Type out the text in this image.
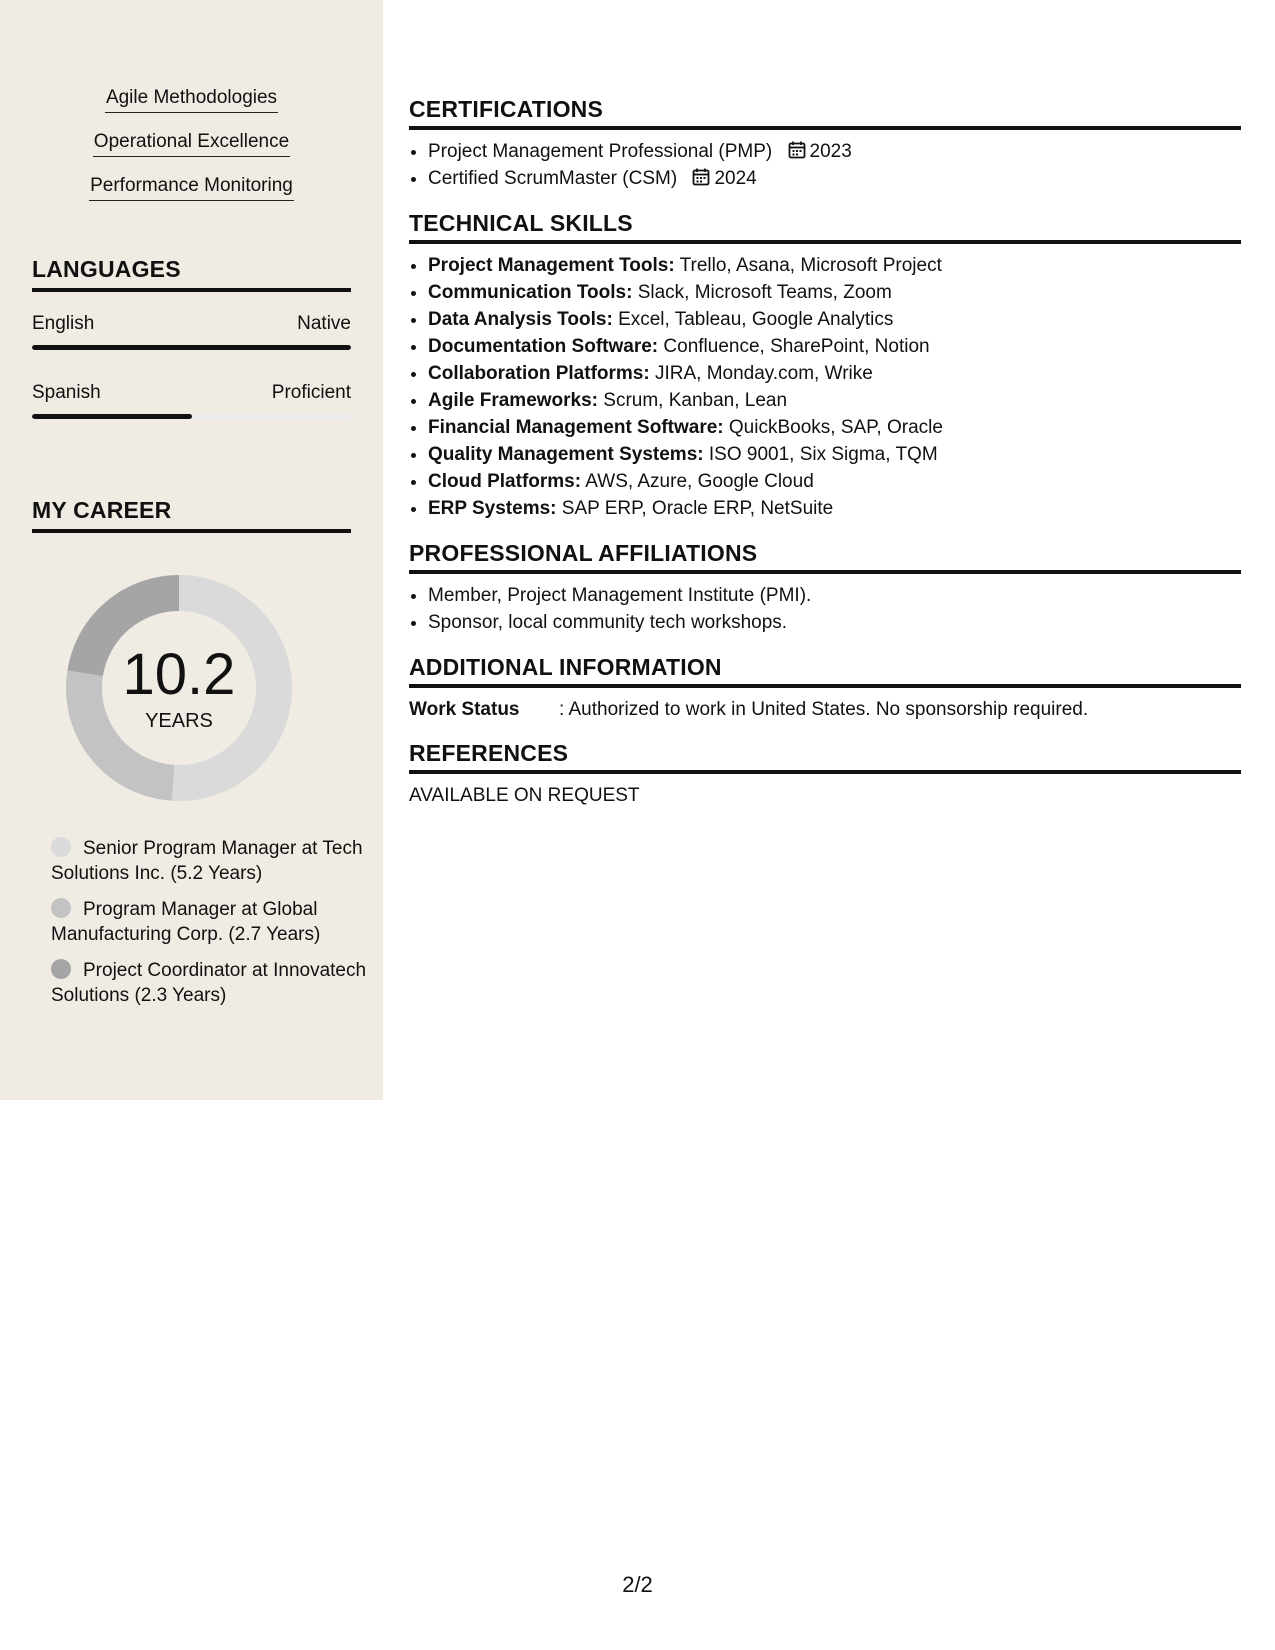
Agile Methodologies
Operational Excellence
Performance Monitoring
LANGUAGES
English	Native
Spanish	Proficient
MY CAREER
10.2
YEARS
Senior Program Manager at Tech Solutions Inc. (5.2 Years)
Program Manager at Global Manufacturing Corp. (2.7 Years)
Project Coordinator at Innovatech Solutions (2.3 Years)
CERTIFICATIONS
• Project Management Professional (PMP) 2023
• Certified ScrumMaster (CSM) 2024
TECHNICAL SKILLS
• Project Management Tools: Trello, Asana, Microsoft Project
• Communication Tools: Slack, Microsoft Teams, Zoom
• Data Analysis Tools: Excel, Tableau, Google Analytics
• Documentation Software: Confluence, SharePoint, Notion
• Collaboration Platforms: JIRA, Monday.com, Wrike
• Agile Frameworks: Scrum, Kanban, Lean
• Financial Management Software: QuickBooks, SAP, Oracle
• Quality Management Systems: ISO 9001, Six Sigma, TQM
• Cloud Platforms: AWS, Azure, Google Cloud
• ERP Systems: SAP ERP, Oracle ERP, NetSuite
PROFESSIONAL AFFILIATIONS
• Member, Project Management Institute (PMI).
• Sponsor, local community tech workshops.
ADDITIONAL INFORMATION
Work Status : Authorized to work in United States. No sponsorship required.
REFERENCES
AVAILABLE ON REQUEST
2/2
